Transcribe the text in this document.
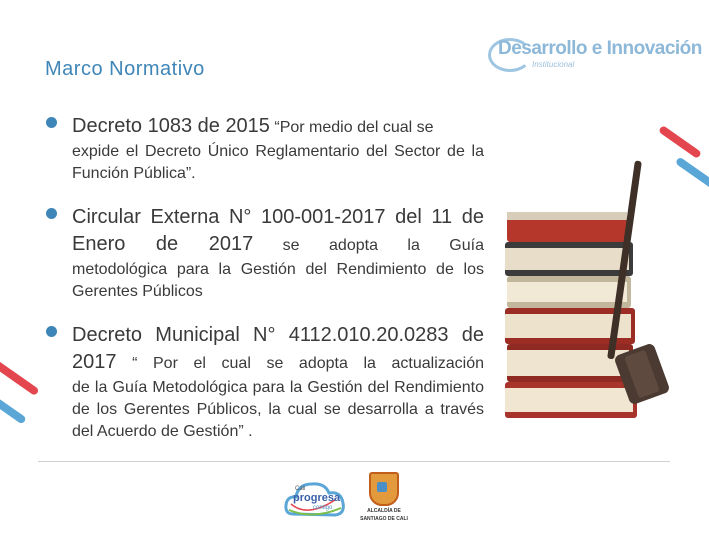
Marco Normativo
Desarrollo e Innovación
Institucional
Decreto 1083 de 2015 “Por medio del cual se
expide el Decreto Único Reglamentario del Sector de la Función Pública”.
Circular Externa N° 100-001-2017 del 11 de Enero de 2017 se adopta la Guía
metodológica para la Gestión del Rendimiento de los Gerentes Públicos
Decreto Municipal N° 4112.010.20.0283 de 2017 “ Por el cual se adopta la actualización
de la Guía Metodológica para la Gestión del Rendimiento de los Gerentes Públicos, la cual se desarrolla a través del Acuerdo de Gestión” .
Cali
progresa
contigo	ALCALDÍA DE
SANTIAGO DE CALI
